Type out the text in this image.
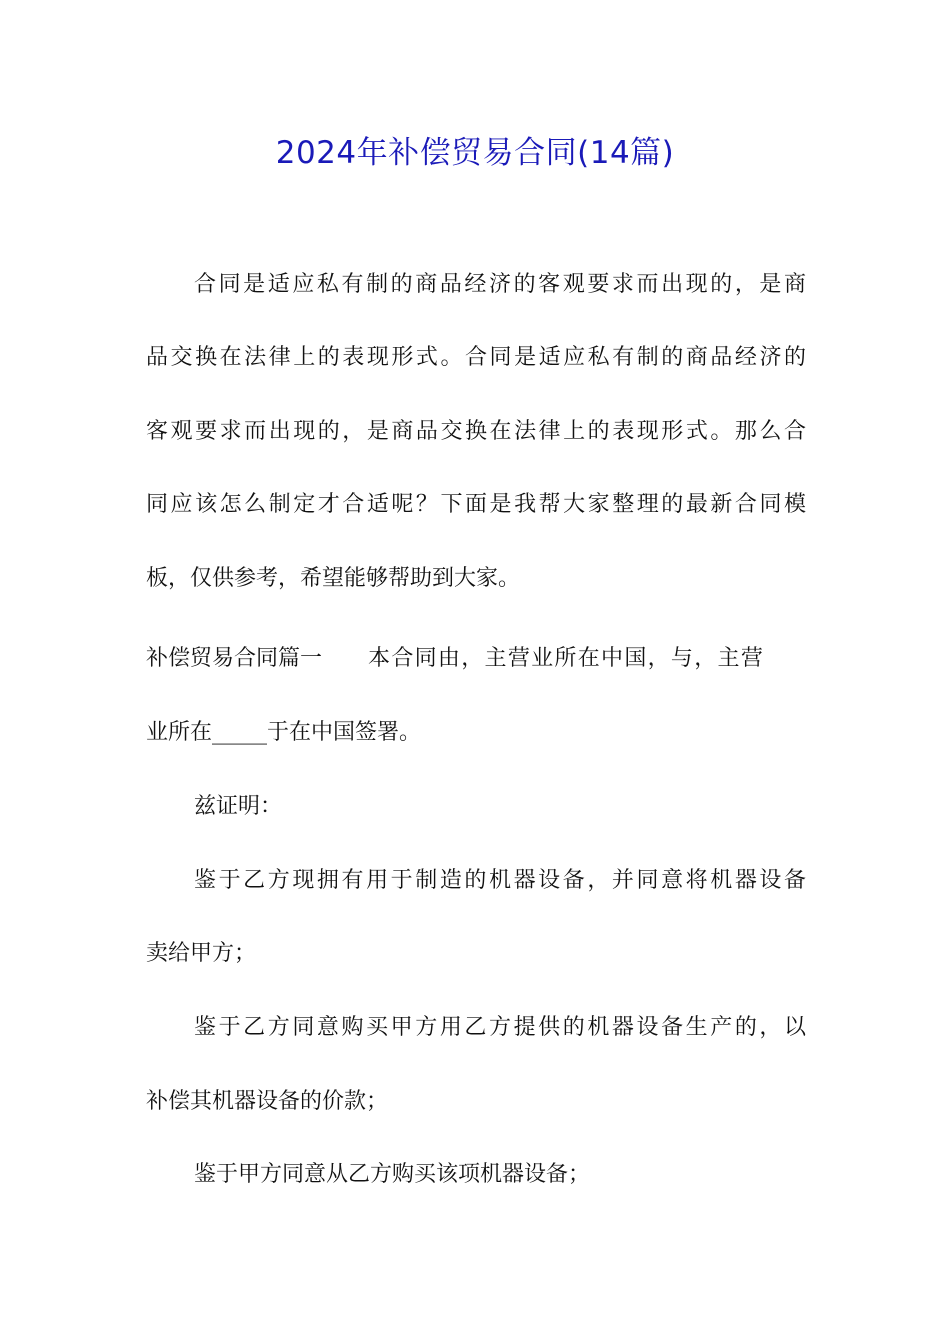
2024年补偿贸易合同(14篇)

合同是适应私有制的商品经济的客观要求而出现的，是商

品交换在法律上的表现形式。合同是适应私有制的商品经济的

客观要求而出现的，是商品交换在法律上的表现形式。那么合

同应该怎么制定才合适呢？下面是我帮大家整理的最新合同模

板，仅供参考，希望能够帮助到大家。

补偿贸易合同篇一 本合同由，主营业所在中国，与，主营

业所在_____于在中国签署。

兹证明：

鉴于乙方现拥有用于制造的机器设备，并同意将机器设备

卖给甲方；

鉴于乙方同意购买甲方用乙方提供的机器设备生产的，以

补偿其机器设备的价款；

鉴于甲方同意从乙方购买该项机器设备；
